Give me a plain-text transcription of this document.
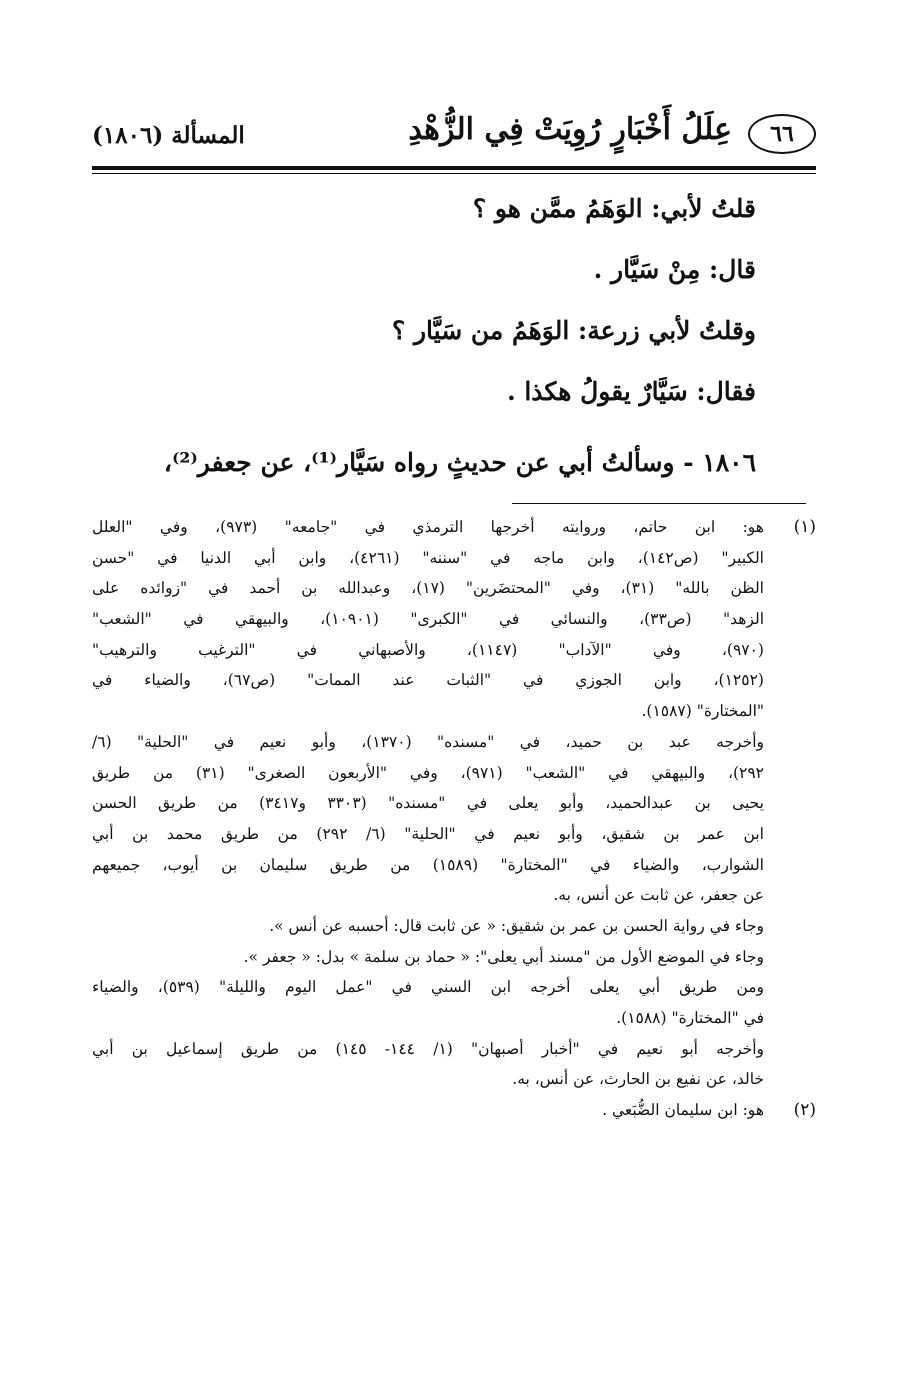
٦٦
عِلَلُ أَخْبَارٍ رُوِيَتْ فِي الزُّهْدِ
المسألة (١٨٠٦)
قلتُ لأبي: الوَهَمُ ممَّن هو ؟
قال: مِنْ سَيَّار .
وقلتُ لأبي زرعة: الوَهَمُ من سَيَّار ؟
فقال: سَيَّارٌ يقولُ هكذا .
١٨٠٦ - وسألتُ أبي عن حديثٍ رواه سَيَّار⁽¹⁾، عن جعفر⁽²⁾،
(١)
هو: ابن حاتم، وروايته أخرجها الترمذي في "جامعه" (٩٧٣)، وفي "العلل
الكبير" (ص١٤٢)، وابن ماجه في "سننه" (٤٢٦١)، وابن أبي الدنيا في "حسن
الظن بالله" (٣١)، وفي "المحتضَرين" (١٧)، وعبدالله بن أحمد في "زوائده على
الزهد" (ص٣٣)، والنسائي في "الكبرى" (١٠٩٠١)، والبيهقي في "الشعب"
(٩٧٠)، وفي "الآداب" (١١٤٧)، والأصبهاني في "الترغيب والترهيب"
(١٢٥٢)، وابن الجوزي في "الثبات عند الممات" (ص٦٧)، والضياء في
"المختارة" (١٥٨٧).
وأخرجه عبد بن حميد، في "مسنده" (١٣٧٠)، وأبو نعيم في "الحلية" (٦/
٢٩٢)، والبيهقي في "الشعب" (٩٧١)، وفي "الأربعون الصغرى" (٣١) من طريق
يحيى بن عبدالحميد، وأبو يعلى في "مسنده" (٣٣٠٣ و٣٤١٧) من طريق الحسن
ابن عمر بن شقيق، وأبو نعيم في "الحلية" (٦/ ٢٩٢) من طريق محمد بن أبي
الشوارب، والضياء في "المختارة" (١٥٨٩) من طريق سليمان بن أيوب، جميعهم
عن جعفر، عن ثابت عن أنس، به.
وجاء في رواية الحسن بن عمر بن شقيق: « عن ثابت قال: أحسبه عن أنس ».
وجاء في الموضع الأول من "مسند أبي يعلى": « حماد بن سلمة » بدل: « جعفر ».
ومن طريق أبي يعلى أخرجه ابن السني في "عمل اليوم والليلة" (٥٣٩)، والضياء
في "المختارة" (١٥٨٨).
وأخرجه أبو نعيم في "أخبار أصبهان" (١/ ١٤٤- ١٤٥) من طريق إسماعيل بن أبي
خالد، عن نفيع بن الحارث، عن أنس، به.
(٢)
هو: ابن سليمان الضُّبَعي .
